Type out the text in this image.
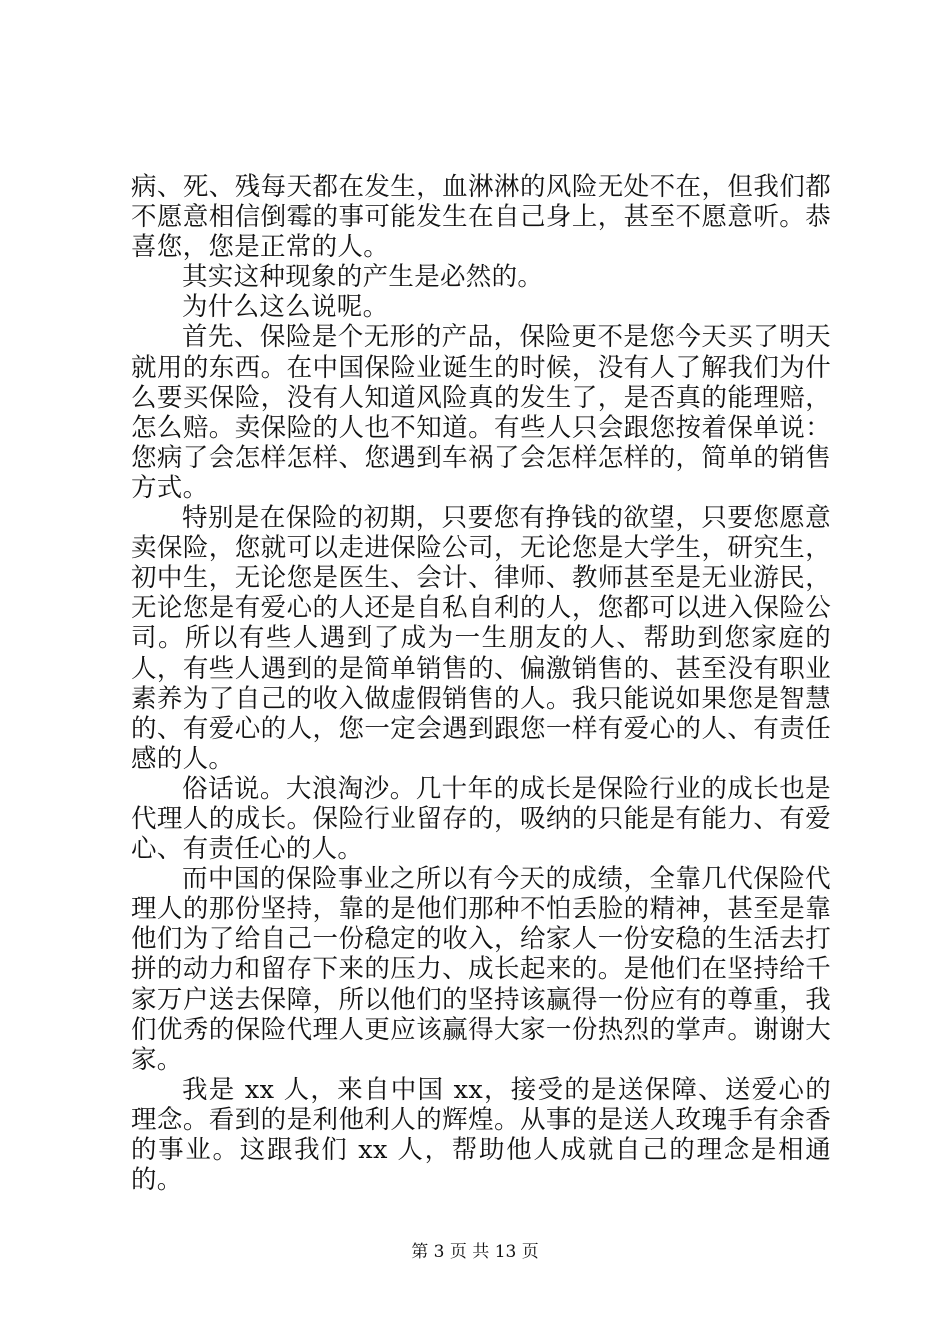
病、死、残每天都在发生，血淋淋的风险无处不在，但我们都不愿意相信倒霉的事可能发生在自己身上，甚至不愿意听。恭喜您，您是正常的人。

其实这种现象的产生是必然的。

为什么这么说呢。

首先、保险是个无形的产品，保险更不是您今天买了明天就用的东西。在中国保险业诞生的时候，没有人了解我们为什么要买保险，没有人知道风险真的发生了，是否真的能理赔，怎么赔。卖保险的人也不知道。有些人只会跟您按着保单说：您病了会怎样怎样、您遇到车祸了会怎样怎样的，简单的销售方式。

特别是在保险的初期，只要您有挣钱的欲望，只要您愿意卖保险，您就可以走进保险公司，无论您是大学生，研究生，初中生，无论您是医生、会计、律师、教师甚至是无业游民，无论您是有爱心的人还是自私自利的人，您都可以进入保险公司。所以有些人遇到了成为一生朋友的人、帮助到您家庭的人，有些人遇到的是简单销售的、偏激销售的、甚至没有职业素养为了自己的收入做虚假销售的人。我只能说如果您是智慧的、有爱心的人，您一定会遇到跟您一样有爱心的人、有责任感的人。

俗话说。大浪淘沙。几十年的成长是保险行业的成长也是代理人的成长。保险行业留存的，吸纳的只能是有能力、有爱心、有责任心的人。

而中国的保险事业之所以有今天的成绩，全靠几代保险代理人的那份坚持，靠的是他们那种不怕丢脸的精神，甚至是靠他们为了给自己一份稳定的收入，给家人一份安稳的生活去打拼的动力和留存下来的压力、成长起来的。是他们在坚持给千家万户送去保障，所以他们的坚持该赢得一份应有的尊重，我们优秀的保险代理人更应该赢得大家一份热烈的掌声。谢谢大家。

我是 xx 人，来自中国 xx，接受的是送保障、送爱心的理念。看到的是利他利人的辉煌。从事的是送人玫瑰手有余香的事业。这跟我们 xx 人，帮助他人成就自己的理念是相通的。

第 3 页 共 13 页
